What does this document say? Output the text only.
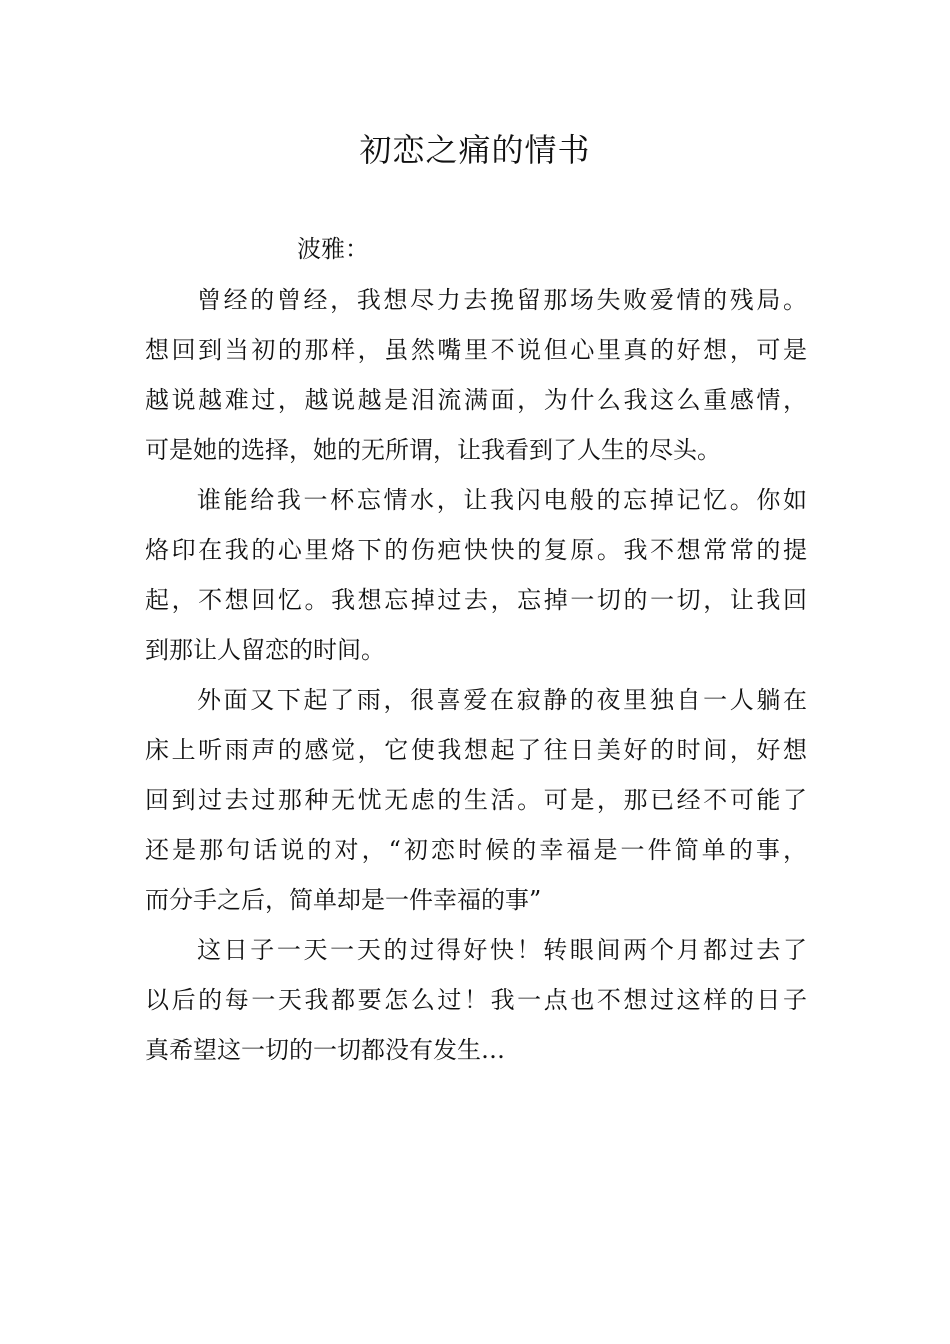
初恋之痛的情书
波雅：
曾经的曾经，我想尽力去挽留那场失败爱情的残局。
想回到当初的那样，虽然嘴里不说但心里真的好想，可是
越说越难过，越说越是泪流满面，为什么我这么重感情，
可是她的选择，她的无所谓，让我看到了人生的尽头。
谁能给我一杯忘情水，让我闪电般的忘掉记忆。你如
烙印在我的心里烙下的伤疤快快的复原。我不想常常的提
起，不想回忆。我想忘掉过去，忘掉一切的一切，让我回
到那让人留恋的时间。
外面又下起了雨，很喜爱在寂静的夜里独自一人躺在
床上听雨声的感觉，它使我想起了往日美好的时间，好想
回到过去过那种无忧无虑的生活。可是，那已经不可能了
还是那句话说的对，“初恋时候的幸福是一件简单的事，
而分手之后，简单却是一件幸福的事”
这日子一天一天的过得好快！转眼间两个月都过去了
以后的每一天我都要怎么过！我一点也不想过这样的日子
真希望这一切的一切都没有发生…
